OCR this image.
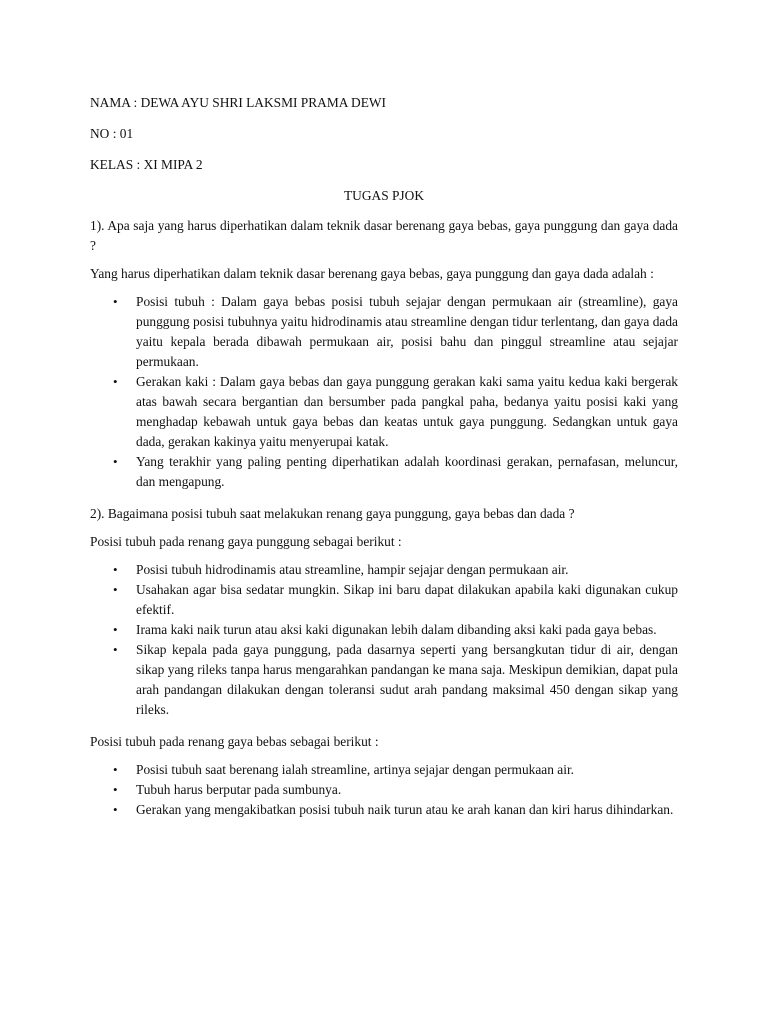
NAMA : DEWA AYU SHRI LAKSMI PRAMA DEWI

NO : 01

KELAS : XI MIPA 2

TUGAS PJOK

1). Apa saja yang harus diperhatikan dalam teknik dasar berenang gaya bebas, gaya punggung dan gaya dada ?

Yang harus diperhatikan dalam teknik dasar berenang gaya bebas, gaya punggung dan gaya dada adalah :

• Posisi tubuh : Dalam gaya bebas posisi tubuh sejajar dengan permukaan air (streamline), gaya punggung posisi tubuhnya yaitu hidrodinamis atau streamline dengan tidur terlentang, dan gaya dada yaitu kepala berada dibawah permukaan air, posisi bahu dan pinggul streamline atau sejajar permukaan.
• Gerakan kaki : Dalam gaya bebas dan gaya punggung gerakan kaki sama yaitu kedua kaki bergerak atas bawah secara bergantian dan bersumber pada pangkal paha, bedanya yaitu posisi kaki yang menghadap kebawah untuk gaya bebas dan keatas untuk gaya punggung. Sedangkan untuk gaya dada, gerakan kakinya yaitu menyerupai katak.
• Yang terakhir yang paling penting diperhatikan adalah koordinasi gerakan, pernafasan, meluncur, dan mengapung.

2). Bagaimana posisi tubuh saat melakukan renang gaya punggung, gaya bebas dan dada ?

Posisi tubuh pada renang gaya punggung sebagai berikut :

• Posisi tubuh hidrodinamis atau streamline, hampir sejajar dengan permukaan air.
• Usahakan agar bisa sedatar mungkin. Sikap ini baru dapat dilakukan apabila kaki digunakan cukup efektif.
• Irama kaki naik turun atau aksi kaki digunakan lebih dalam dibanding aksi kaki pada gaya bebas.
• Sikap kepala pada gaya punggung, pada dasarnya seperti yang bersangkutan tidur di air, dengan sikap yang rileks tanpa harus mengarahkan pandangan ke mana saja. Meskipun demikian, dapat pula arah pandangan dilakukan dengan toleransi sudut arah pandang maksimal 450 dengan sikap yang rileks.

Posisi tubuh pada renang gaya bebas sebagai berikut :

• Posisi tubuh saat berenang ialah streamline, artinya sejajar dengan permukaan air.
• Tubuh harus berputar pada sumbunya.
• Gerakan yang mengakibatkan posisi tubuh naik turun atau ke arah kanan dan kiri harus dihindarkan.
